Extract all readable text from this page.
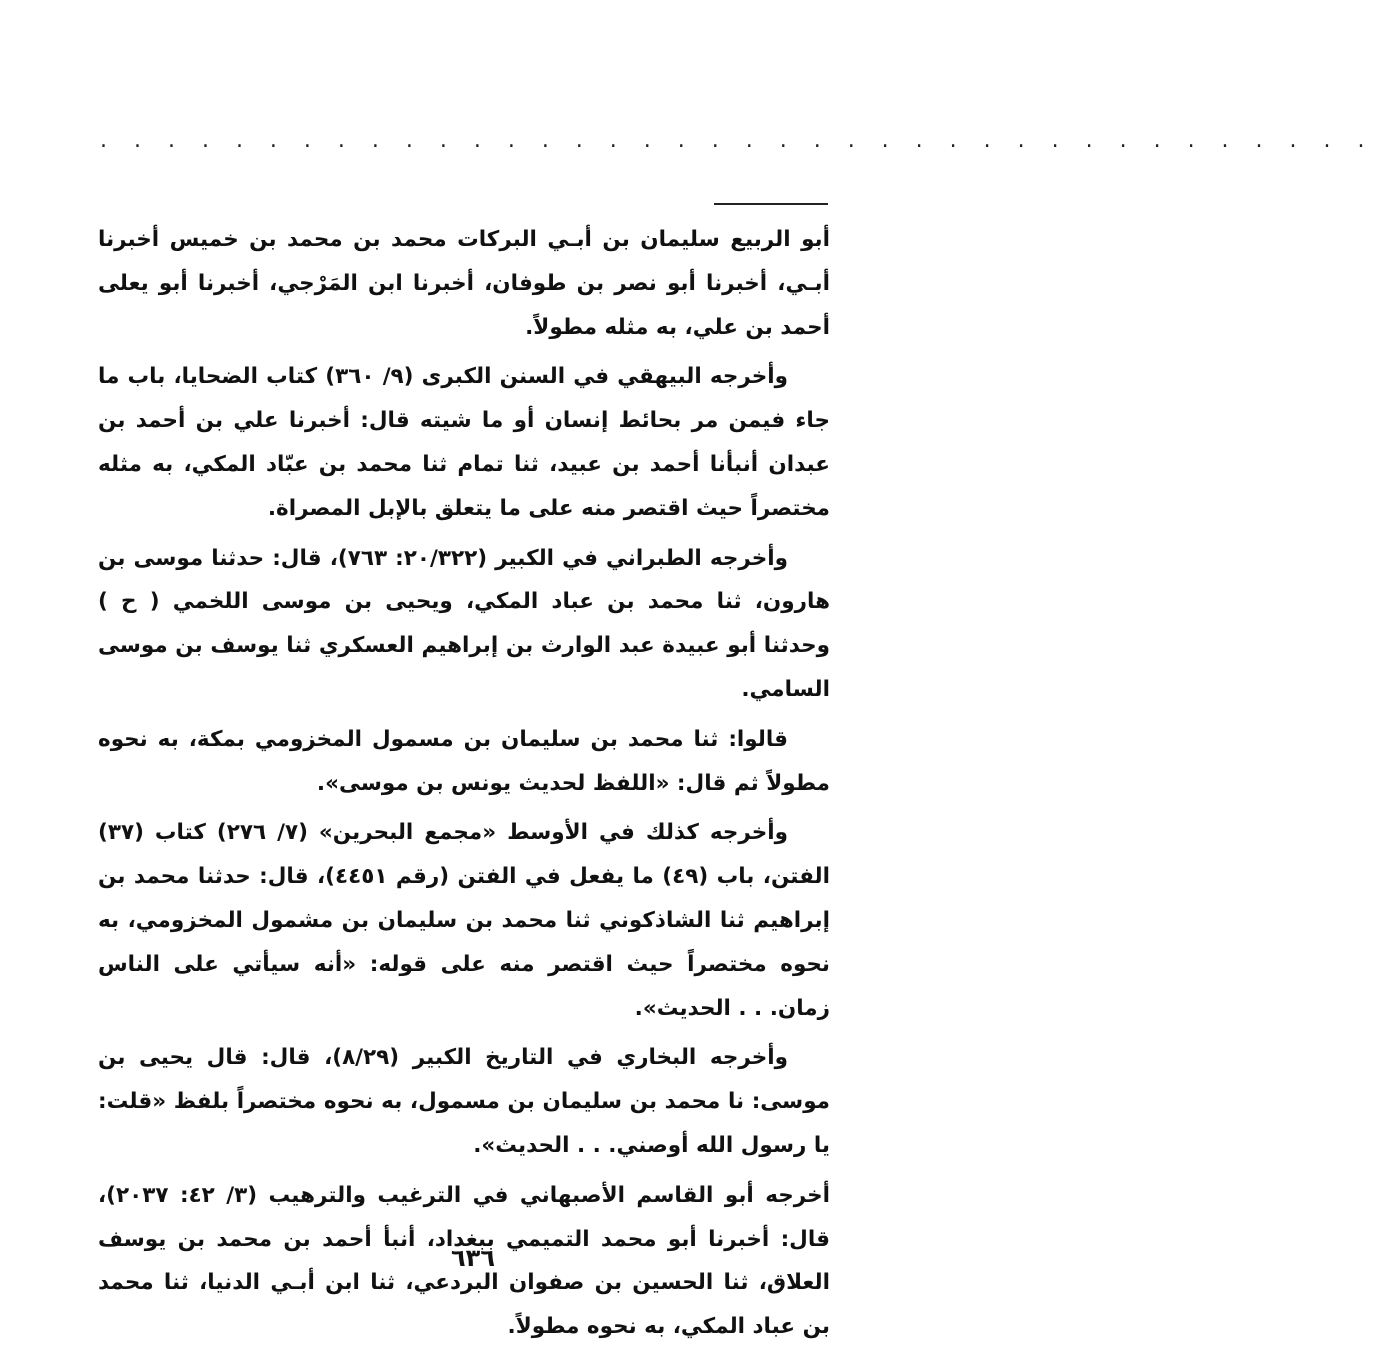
. . . . . . . . . . . . . . . . . . . . . . . . . . . . . . . . . . . . . .

أبو الربيع سليمان بن أبـي البركات محمد بن محمد بن خميس أخبرنا أبـي، أخبرنا أبو نصر بن طوفان، أخبرنا ابن المَرْجي، أخبرنا أبو يعلى أحمد بن علي، به مثله مطولاً.

وأخرجه البيهقي في السنن الكبرى (٩/ ٣٦٠) كتاب الضحايا، باب ما جاء فيمن مر بحائط إنسان أو ما شيته قال: أخبرنا علي بن أحمد بن عبدان أنبأنا أحمد بن عبيد، ثنا تمام ثنا محمد بن عبّاد المكي، به مثله مختصراً حيث اقتصر منه على ما يتعلق بالإبل المصراة.

وأخرجه الطبراني في الكبير (٢٠/٣٢٢: ٧٦٣)، قال: حدثنا موسى بن هارون، ثنا محمد بن عباد المكي، ويحيى بن موسى اللخمي ( ح ) وحدثنا أبو عبيدة عبد الوارث بن إبراهيم العسكري ثنا يوسف بن موسى السامي.

قالوا: ثنا محمد بن سليمان بن مسمول المخزومي بمكة، به نحوه مطولاً ثم قال: «اللفظ لحديث يونس بن موسى».

وأخرجه كذلك في الأوسط «مجمع البحرين» (٧/ ٢٧٦) كتاب (٣٧) الفتن، باب (٤٩) ما يفعل في الفتن (رقم ٤٤٥١)، قال: حدثنا محمد بن إبراهيم ثنا الشاذكوني ثنا محمد بن سليمان بن مشمول المخزومي، به نحوه مختصراً حيث اقتصر منه على قوله: «أنه سيأتي على الناس زمان. . . الحديث».

وأخرجه البخاري في التاريخ الكبير (٨/٢٩)، قال: قال يحيى بن موسى: نا محمد بن سليمان بن مسمول، به نحوه مختصراً بلفظ «قلت: يا رسول الله أوصني. . . الحديث».

أخرجه أبو القاسم الأصبهاني في الترغيب والترهيب (٣/ ٤٢: ٢٠٣٧)، قال: أخبرنا أبو محمد التميمي ببغداد، أنبأ أحمد بن محمد بن يوسف العلاق، ثنا الحسين بن صفوان البردعي، ثنا ابن أبـي الدنيا، ثنا محمد بن عباد المكي، به نحوه مطولاً.

٦٣٦
